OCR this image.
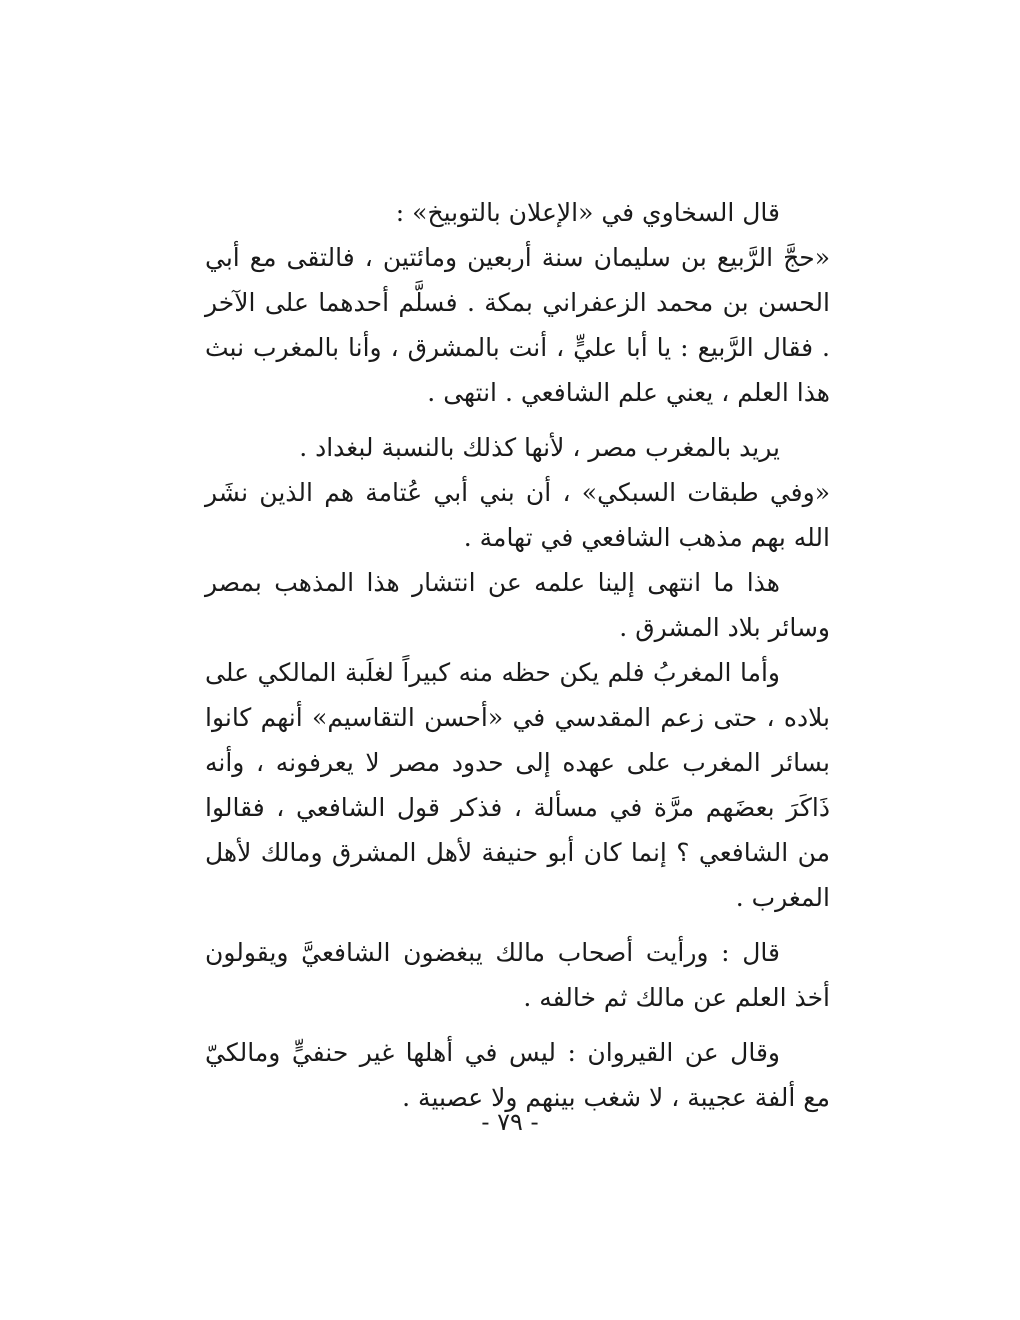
قال السخاوي في «الإعلان بالتوبيخ» :

«حجَّ الرَّبيع بن سليمان سنة أربعين ومائتين ، فالتقى مع أبي الحسن بن محمد الزعفراني بمكة . فسلَّم أحدهما على الآخر . فقال الرَّبيع : يا أبا عليٍّ ، أنت بالمشرق ، وأنا بالمغرب نبث هذا العلم ، يعني علم الشافعي . انتهى .

يريد بالمغرب مصر ، لأنها كذلك بالنسبة لبغداد .

«وفي طبقات السبكي» ، أن بني أبي عُتامة هم الذين نشَر الله بهم مذهب الشافعي في تهامة .

هذا ما انتهى إلينا علمه عن انتشار هذا المذهب بمصر وسائر بلاد المشرق .

وأما المغربُ فلم يكن حظه منه كبيراً لغلَبة المالكي على بلاده ، حتى زعم المقدسي في «أحسن التقاسيم» أنهم كانوا بسائر المغرب على عهده إلى حدود مصر لا يعرفونه ، وأنه ذَاكَرَ بعضَهم مرَّة في مسألة ، فذكر قول الشافعي ، فقالوا من الشافعي ؟ إنما كان أبو حنيفة لأهل المشرق ومالك لأهل المغرب .

قال : ورأيت أصحاب مالك يبغضون الشافعيَّ ويقولون أخذ العلم عن مالك ثم خالفه .

وقال عن القيروان : ليس في أهلها غير حنفيٍّ ومالكيّ مع ألفة عجيبة ، لا شغب بينهم ولا عصبية .

- ٧٩ -
